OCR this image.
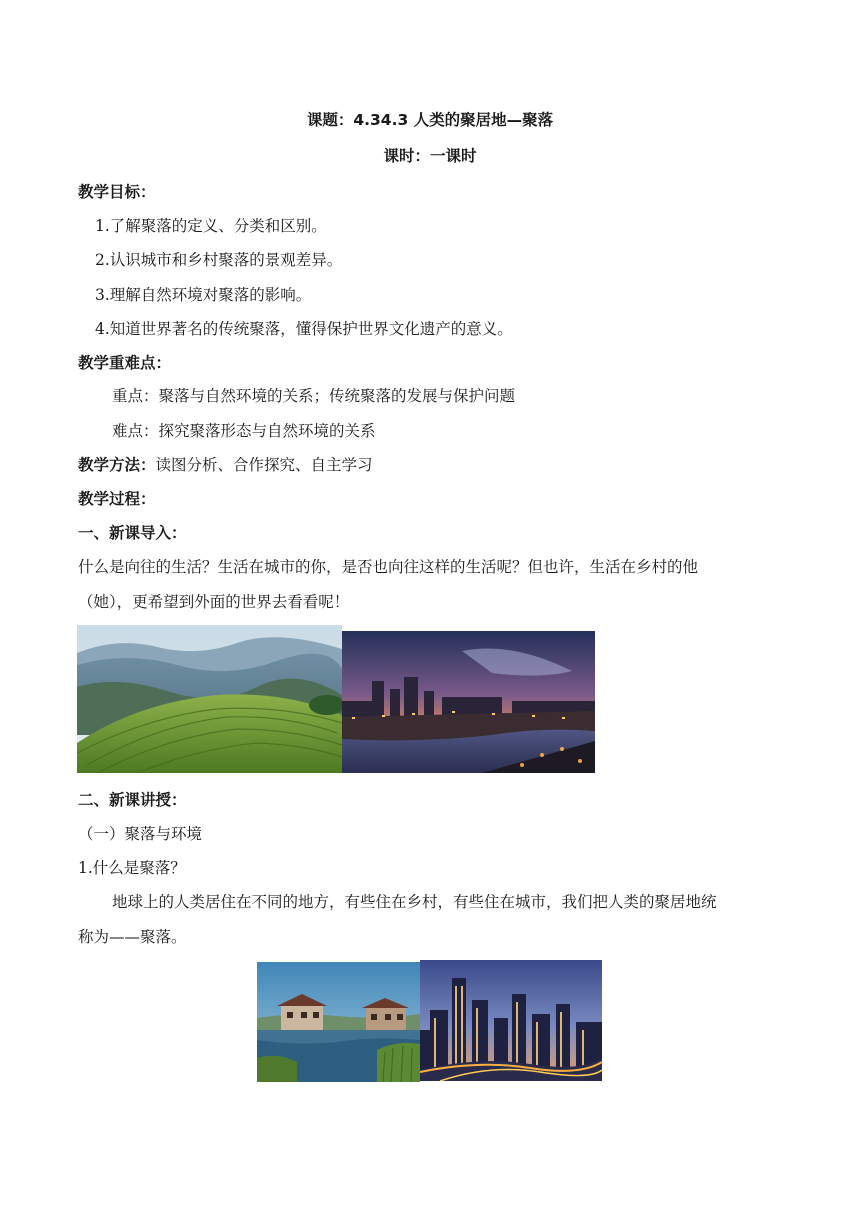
课题：4.34.3 人类的聚居地—聚落
课时：一课时
教学目标：
1.了解聚落的定义、分类和区别。
2.认识城市和乡村聚落的景观差异。
3.理解自然环境对聚落的影响。
4.知道世界著名的传统聚落，懂得保护世界文化遗产的意义。
教学重难点：
重点：聚落与自然环境的关系；传统聚落的发展与保护问题
难点：探究聚落形态与自然环境的关系
教学方法：读图分析、合作探究、自主学习
教学过程：
一、新课导入：
什么是向往的生活？生活在城市的你，是否也向往这样的生活呢？但也许，生活在乡村的他
（她），更希望到外面的世界去看看呢！
二、新课讲授：
（一）聚落与环境
1.什么是聚落？
地球上的人类居住在不同的地方，有些住在乡村，有些住在城市，我们把人类的聚居地统
称为——聚落。
